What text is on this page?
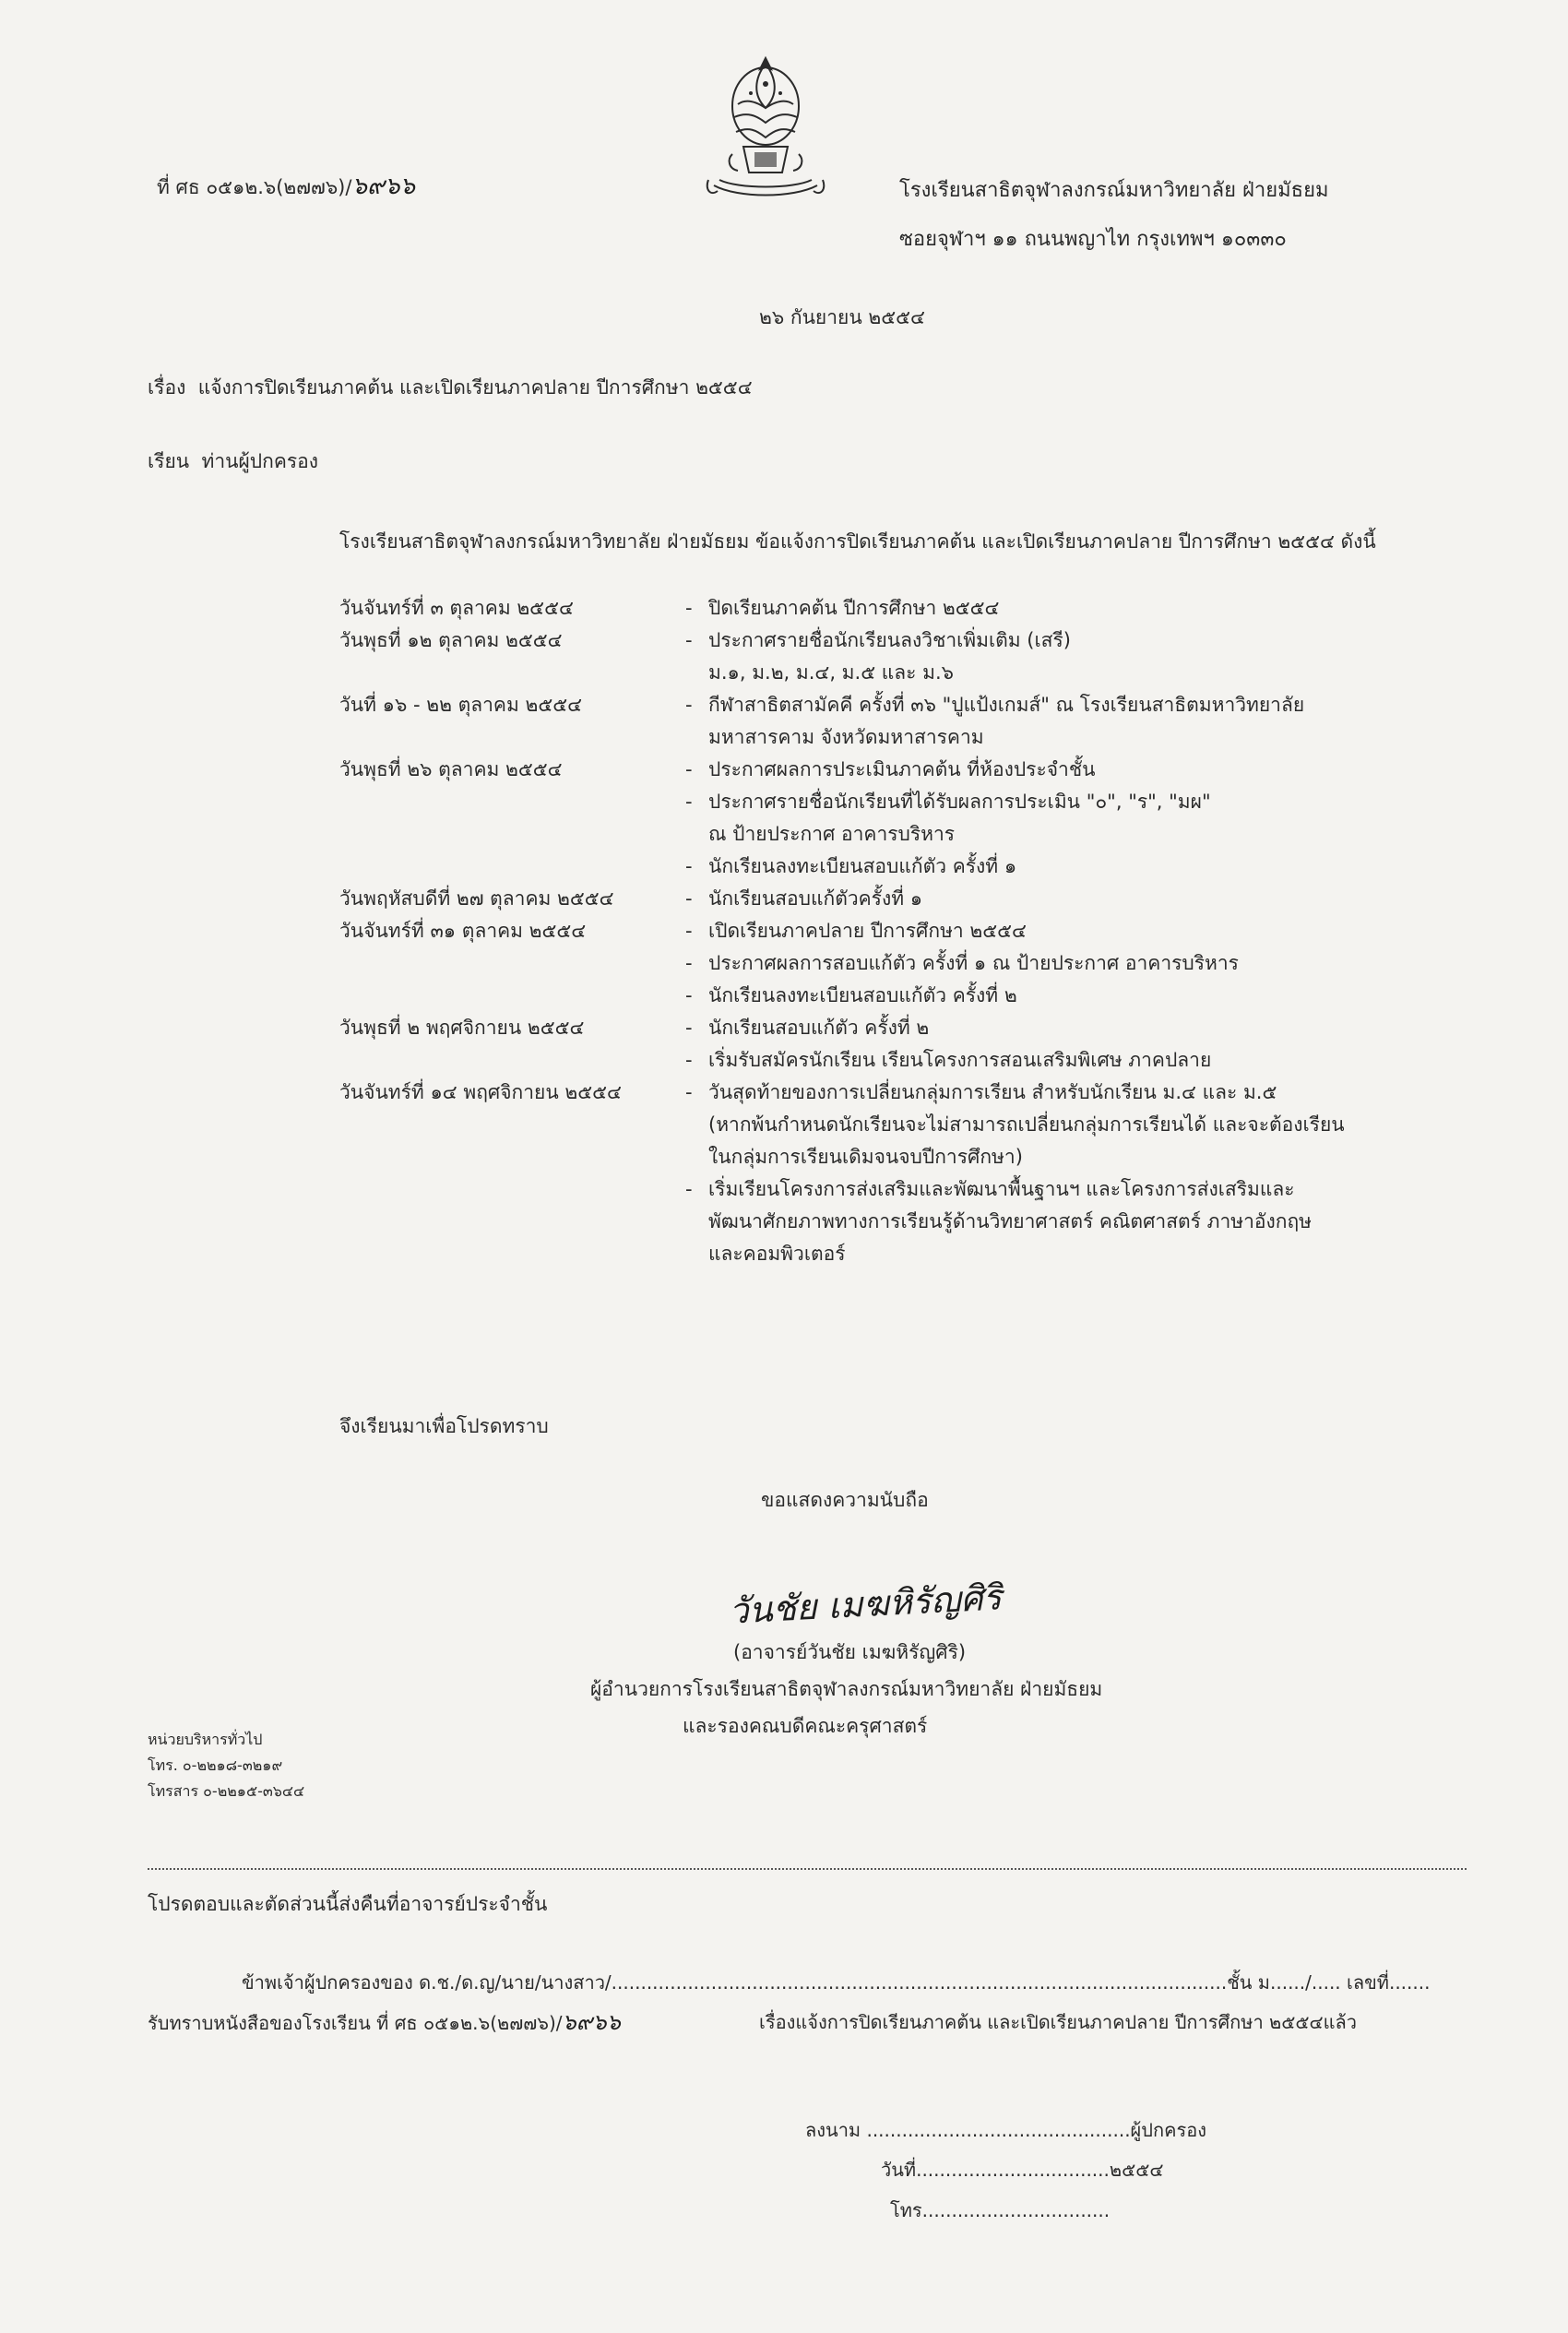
ที่ ศธ ๐๕๑๒.๖(๒๗๗๖)/๖๙๖๖	โรงเรียนสาธิตจุฬาลงกรณ์มหาวิทยาลัย ฝ่ายมัธยม
ซอยจุฬาฯ ๑๑ ถนนพญาไท กรุงเทพฯ ๑๐๓๓๐
๒๖ กันยายน ๒๕๕๔
เรื่อง แจ้งการปิดเรียนภาคต้น และเปิดเรียนภาคปลาย ปีการศึกษา ๒๕๕๔
เรียน ท่านผู้ปกครอง
โรงเรียนสาธิตจุฬาลงกรณ์มหาวิทยาลัย ฝ่ายมัธยม ข้อแจ้งการปิดเรียนภาคต้น และเปิดเรียนภาคปลาย ปีการศึกษา ๒๕๕๔ ดังนี้
วันจันทร์ที่ ๓ ตุลาคม ๒๕๕๔	- ปิดเรียนภาคต้น ปีการศึกษา ๒๕๕๔
วันพุธที่ ๑๒ ตุลาคม ๒๕๕๔	- ประกาศรายชื่อนักเรียนลงวิชาเพิ่มเติม (เสรี)
ม.๑, ม.๒, ม.๔, ม.๕ และ ม.๖
วันที่ ๑๖ - ๒๒ ตุลาคม ๒๕๕๔	- กีฬาสาธิตสามัคคี ครั้งที่ ๓๖ "ปูแป้งเกมส์" ณ โรงเรียนสาธิตมหาวิทยาลัย
มหาสารคาม จังหวัดมหาสารคาม
วันพุธที่ ๒๖ ตุลาคม ๒๕๕๔	- ประกาศผลการประเมินภาคต้น ที่ห้องประจำชั้น
- ประกาศรายชื่อนักเรียนที่ได้รับผลการประเมิน "๐", "ร", "มผ"
ณ ป้ายประกาศ อาคารบริหาร
- นักเรียนลงทะเบียนสอบแก้ตัว ครั้งที่ ๑
วันพฤหัสบดีที่ ๒๗ ตุลาคม ๒๕๕๔	- นักเรียนสอบแก้ตัวครั้งที่ ๑
วันจันทร์ที่ ๓๑ ตุลาคม ๒๕๕๔	- เปิดเรียนภาคปลาย ปีการศึกษา ๒๕๕๔
- ประกาศผลการสอบแก้ตัว ครั้งที่ ๑ ณ ป้ายประกาศ อาคารบริหาร
- นักเรียนลงทะเบียนสอบแก้ตัว ครั้งที่ ๒
วันพุธที่ ๒ พฤศจิกายน ๒๕๕๔	- นักเรียนสอบแก้ตัว ครั้งที่ ๒
- เริ่มรับสมัครนักเรียน เรียนโครงการสอนเสริมพิเศษ ภาคปลาย
วันจันทร์ที่ ๑๔ พฤศจิกายน ๒๕๕๔	- วันสุดท้ายของการเปลี่ยนกลุ่มการเรียน สำหรับนักเรียน ม.๔ และ ม.๕
(หากพ้นกำหนดนักเรียนจะไม่สามารถเปลี่ยนกลุ่มการเรียนได้ และจะต้องเรียน
ในกลุ่มการเรียนเดิมจนจบปีการศึกษา)
- เริ่มเรียนโครงการส่งเสริมและพัฒนาพื้นฐานฯ และโครงการส่งเสริมและ
พัฒนาศักยภาพทางการเรียนรู้ด้านวิทยาศาสตร์ คณิตศาสตร์ ภาษาอังกฤษ
และคอมพิวเตอร์
จึงเรียนมาเพื่อโปรดทราบ
ขอแสดงความนับถือ
วันชัย เมฆหิรัญศิริ
(อาจารย์วันชัย เมฆหิรัญศิริ)
ผู้อำนวยการโรงเรียนสาธิตจุฬาลงกรณ์มหาวิทยาลัย ฝ่ายมัธยม
และรองคณบดีคณะครุศาสตร์
หน่วยบริหารทั่วไป
โทร. ๐-๒๒๑๘-๓๒๑๙
โทรสาร ๐-๒๒๑๕-๓๖๔๔
โปรดตอบและตัดส่วนนี้ส่งคืนที่อาจารย์ประจำชั้น
ข้าพเจ้าผู้ปกครองของ ด.ช./ด.ญ/นาย/นางสาว/.........................................................................................................ชั้น ม....../..... เลขที่.......
รับทราบหนังสือของโรงเรียน ที่ ศธ ๐๕๑๒.๖(๒๗๗๖)/๖๙๖๖	เรื่องแจ้งการปิดเรียนภาคต้น และเปิดเรียนภาคปลาย ปีการศึกษา ๒๕๕๔แล้ว
ลงนาม .............................................ผู้ปกครอง
วันที่.................................๒๕๕๔
โทร................................
